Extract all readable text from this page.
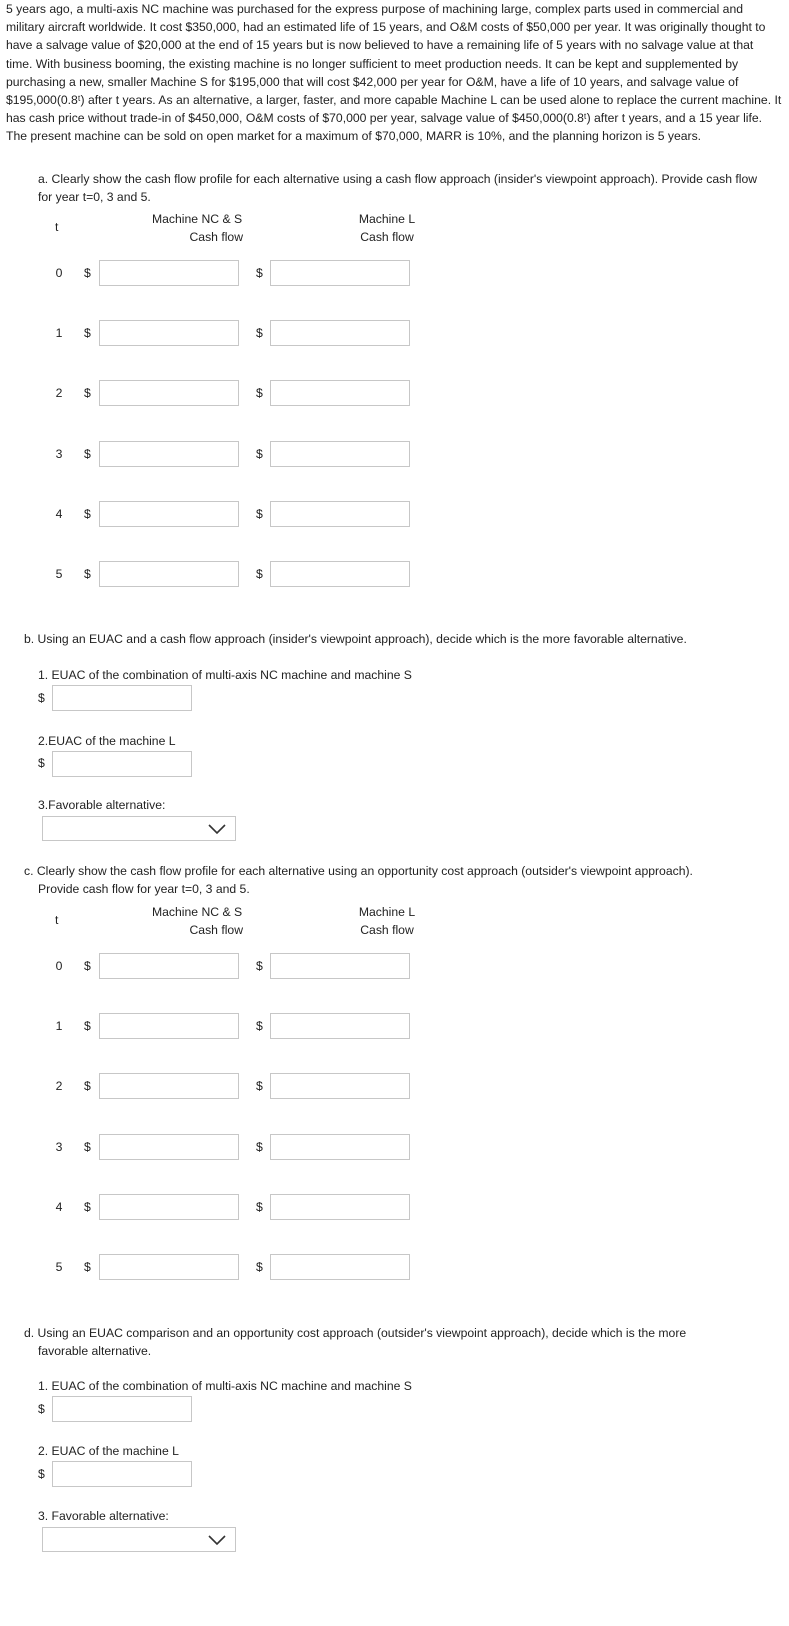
5 years ago, a multi-axis NC machine was purchased for the express purpose of machining large, complex parts used in commercial and military aircraft worldwide. It cost $350,000, had an estimated life of 15 years, and O&M costs of $50,000 per year. It was originally thought to have a salvage value of $20,000 at the end of 15 years but is now believed to have a remaining life of 5 years with no salvage value at that time. With business booming, the existing machine is no longer sufficient to meet production needs. It can be kept and supplemented by purchasing a new, smaller Machine S for $195,000 that will cost $42,000 per year for O&M, have a life of 10 years, and salvage value of $195,000(0.8ᵗ) after t years. As an alternative, a larger, faster, and more capable Machine L can be used alone to replace the current machine. It has cash price without trade-in of $450,000, O&M costs of $70,000 per year, salvage value of $450,000(0.8ᵗ) after t years, and a 15 year life. The present machine can be sold on open market for a maximum of $70,000, MARR is 10%, and the planning horizon is 5 years.
a. Clearly show the cash flow profile for each alternative using a cash flow approach (insider's viewpoint approach). Provide cash flow for year t=0, 3 and 5.
t
Machine NC & S
Cash flow
Machine L
Cash flow
0	$	$
1	$	$
2	$	$
3	$	$
4	$	$
5	$	$
b. Using an EUAC and a cash flow approach (insider's viewpoint approach), decide which is the more favorable alternative.
1. EUAC of the combination of multi-axis NC machine and machine S
$
2.EUAC of the machine L
$
3.Favorable alternative:
c. Clearly show the cash flow profile for each alternative using an opportunity cost approach (outsider's viewpoint approach).
Provide cash flow for year t=0, 3 and 5.
t
Machine NC & S
Cash flow
Machine L
Cash flow
0	$	$
1	$	$
2	$	$
3	$	$
4	$	$
5	$	$
d. Using an EUAC comparison and an opportunity cost approach (outsider's viewpoint approach), decide which is the more
favorable alternative.
1. EUAC of the combination of multi-axis NC machine and machine S
$
2. EUAC of the machine L
$
3. Favorable alternative:
